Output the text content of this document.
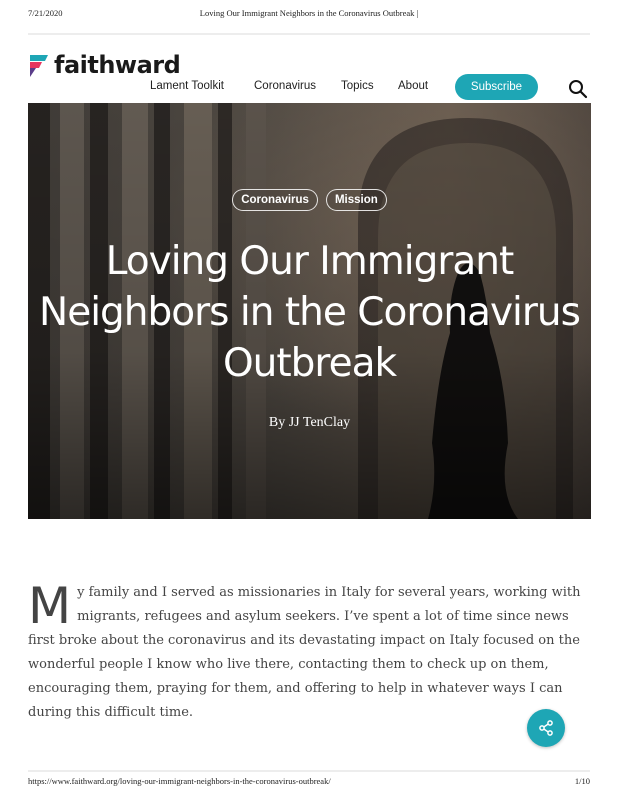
7/21/2020	Loving Our Immigrant Neighbors in the Coronavirus Outbreak |
faithward
Lament Toolkit	Coronavirus Topics About	Subscribe
Coronavirus Mission
Loving Our Immigrant
Neighbors in the Coronavirus
Outbreak
By JJ TenClay

My family and I served as missionaries in Italy for several years, working with migrants, refugees and asylum seekers. I’ve spent a lot of time since news first broke about the coronavirus and its devastating impact on Italy focused on the wonderful people I know who live there, contacting them to check up on them, encouraging them, praying for them, and offering to help in whatever ways I can during this difficult time.

https://www.faithward.org/loving-our-immigrant-neighbors-in-the-coronavirus-outbreak/	1/10
